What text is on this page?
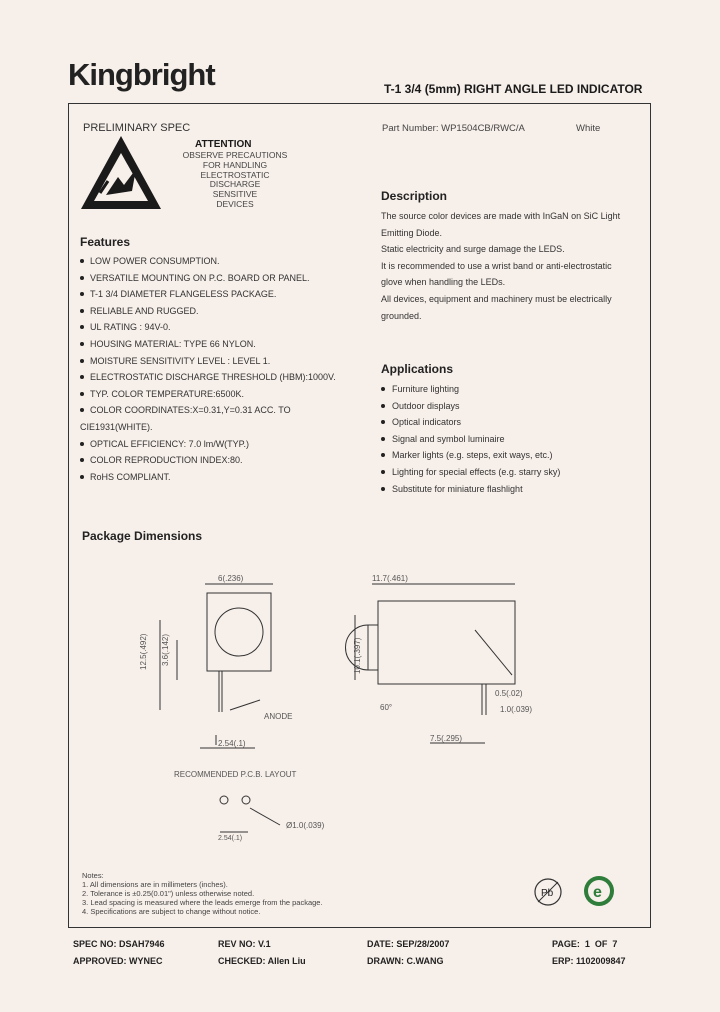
Kingbright	T-1 3/4 (5mm) RIGHT ANGLE LED INDICATOR
PRELIMINARY SPEC
ATTENTION
OBSERVE PRECAUTIONS
FOR HANDLING
ELECTROSTATIC
DISCHARGE
SENSITIVE
DEVICES
Part Number: WP1504CB/RWC/A	White
Features
LOW POWER CONSUMPTION.
VERSATILE MOUNTING ON P.C. BOARD OR PANEL.
T-1 3/4 DIAMETER FLANGELESS PACKAGE.
RELIABLE AND RUGGED.
UL RATING : 94V-0.
HOUSING MATERIAL: TYPE 66 NYLON.
MOISTURE SENSITIVITY LEVEL : LEVEL 1.
ELECTROSTATIC DISCHARGE THRESHOLD (HBM):1000V.
TYP. COLOR TEMPERATURE:6500K.
COLOR COORDINATES:X=0.31,Y=0.31 ACC. TO
CIE1931(WHITE).
OPTICAL EFFICIENCY: 7.0 lm/W(TYP.)
COLOR REPRODUCTION INDEX:80.
RoHS COMPLIANT.
Description
The source color devices are made with InGaN on SiC Light
Emitting Diode.
Static electricity and surge damage the LEDS.
It is recommended to use a wrist band or anti-electrostatic
glove when handling the LEDs.
All devices, equipment and machinery must be electrically
grounded.
Applications
Furniture lighting
Outdoor displays
Optical indicators
Signal and symbol luminaire
Marker lights (e.g. steps, exit ways, etc.)
Lighting for special effects (e.g. starry sky)
Substitute for miniature flashlight
Package Dimensions
6(.236)
12.5(.492) 3.6(.142)
ANODE
2.54(.1)
11.7(.461)
10.1(.397)
0.5(.02)
1.0(.039)
60°
7.5(.295)
RECOMMENDED P.C.B. LAYOUT
Ø1.0(.039)
2.54(.1)
Notes:
1. All dimensions are in millimeters (inches).
2. Tolerance is ±0.25(0.01") unless otherwise noted.
3. Lead spacing is measured where the leads emerge from the package.
4. Specifications are subject to change without notice.
Pb e
SPEC NO: DSAH7946	REV NO: V.1	DATE: SEP/28/2007	PAGE:  1  OF  7
APPROVED: WYNEC	CHECKED: Allen Liu	DRAWN: C.WANG	ERP: 1102009847
